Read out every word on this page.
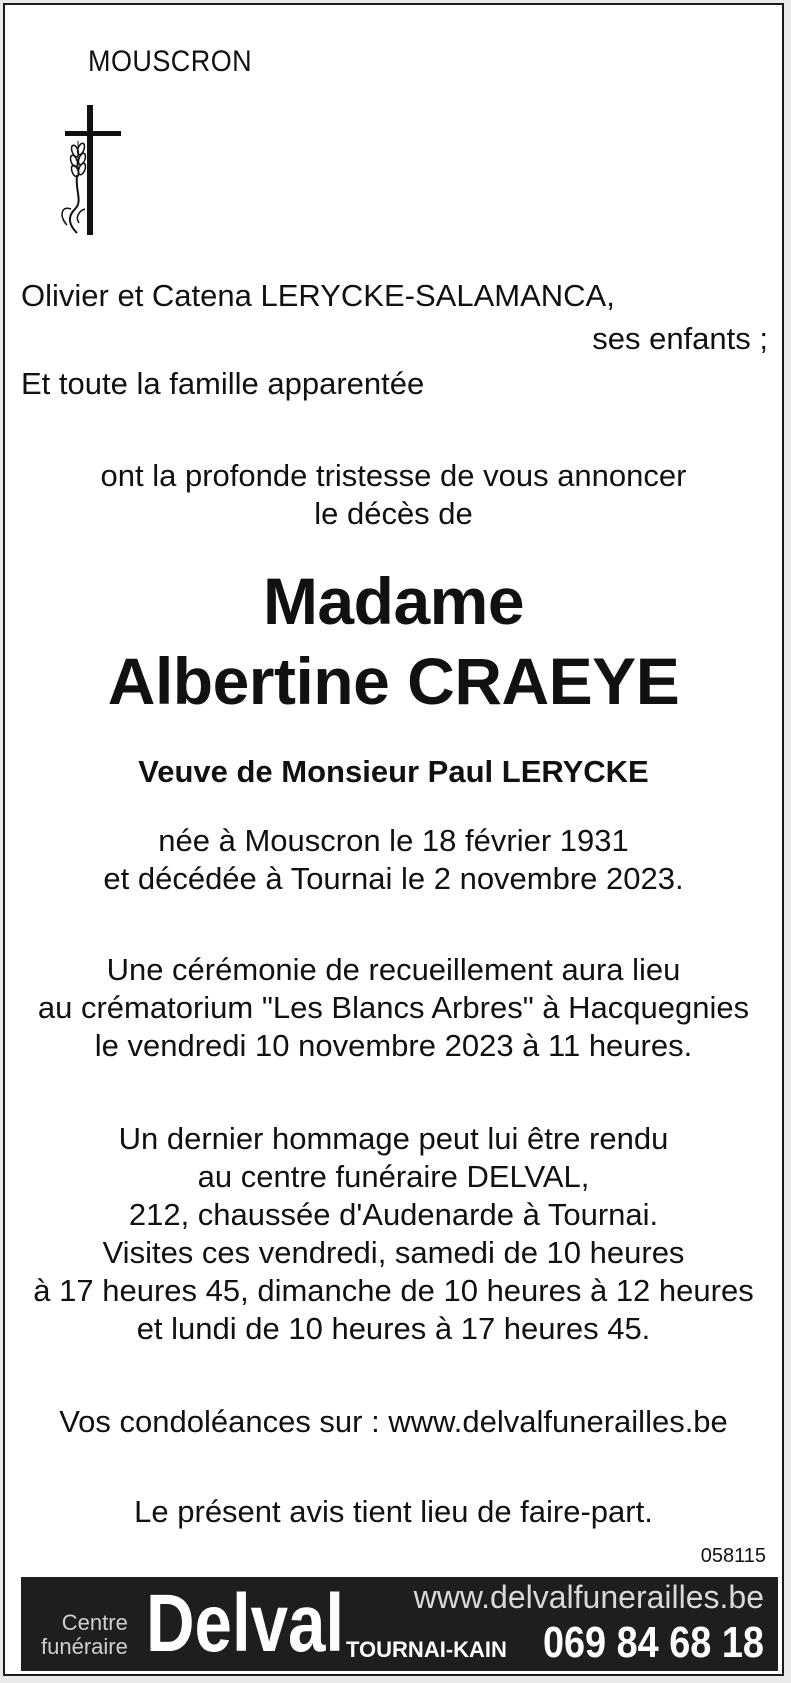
MOUSCRON
Olivier et Catena LERYCKE-SALAMANCA,
ses enfants ;
Et toute la famille apparentée
ont la profonde tristesse de vous annoncer
le décès de
Madame
Albertine CRAEYE
Veuve de Monsieur Paul LERYCKE
née à Mouscron le 18 février 1931
et décédée à Tournai le 2 novembre 2023.
Une cérémonie de recueillement aura lieu
au crématorium "Les Blancs Arbres" à Hacquegnies
le vendredi 10 novembre 2023 à 11 heures.
Un dernier hommage peut lui être rendu
au centre funéraire DELVAL,
212, chaussée d'Audenarde à Tournai.
Visites ces vendredi, samedi de 10 heures
à 17 heures 45, dimanche de 10 heures à 12 heures
et lundi de 10 heures à 17 heures 45.
Vos condoléances sur : www.delvalfunerailles.be
Le présent avis tient lieu de faire-part.
058115
Centre
funéraire Delval www.delvalfunerailles.be
TOURNAI-KAIN 069 84 68 18
